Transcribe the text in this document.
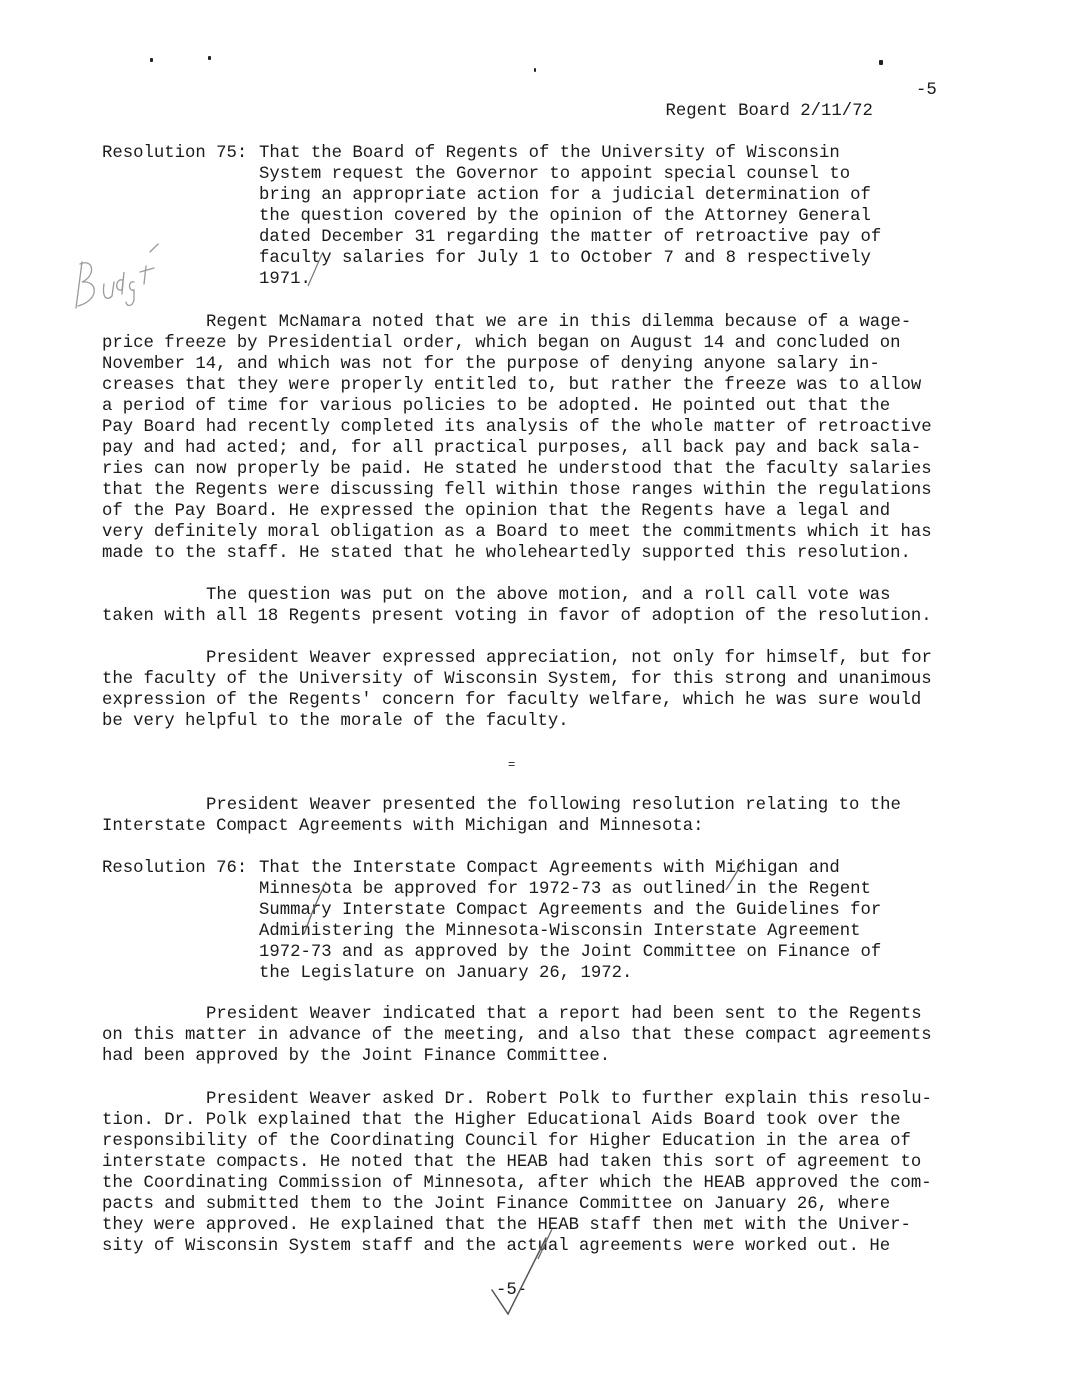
Regent Board 2/11/72

-5

Resolution 75: That the Board of Regents of the University of Wisconsin
System request the Governor to appoint special counsel to
bring an appropriate action for a judicial determination of
the question covered by the opinion of the Attorney General
dated December 31 regarding the matter of retroactive pay of
faculty salaries for July 1 to October 7 and 8 respectively
1971.
Regent McNamara noted that we are in this dilemma because of a wage-
price freeze by Presidential order, which began on August 14 and concluded on
November 14, and which was not for the purpose of denying anyone salary in-
creases that they were properly entitled to, but rather the freeze was to allow
a period of time for various policies to be adopted. He pointed out that the
Pay Board had recently completed its analysis of the whole matter of retroactive
pay and had acted; and, for all practical purposes, all back pay and back sala-
ries can now properly be paid. He stated he understood that the faculty salaries
that the Regents were discussing fell within those ranges within the regulations
of the Pay Board. He expressed the opinion that the Regents have a legal and
very definitely moral obligation as a Board to meet the commitments which it has
made to the staff. He stated that he wholeheartedly supported this resolution.
The question was put on the above motion, and a roll call vote was
taken with all 18 Regents present voting in favor of adoption of the resolution.
President Weaver expressed appreciation, not only for himself, but for
the faculty of the University of Wisconsin System, for this strong and unanimous
expression of the Regents' concern for faculty welfare, which he was sure would
be very helpful to the morale of the faculty.
=
President Weaver presented the following resolution relating to the
Interstate Compact Agreements with Michigan and Minnesota:
Resolution 76: That the Interstate Compact Agreements with Michigan and
Minnesota be approved for 1972-73 as outlined in the Regent
Summary Interstate Compact Agreements and the Guidelines for
Administering the Minnesota-Wisconsin Interstate Agreement
1972-73 and as approved by the Joint Committee on Finance of
the Legislature on January 26, 1972.
President Weaver indicated that a report had been sent to the Regents
on this matter in advance of the meeting, and also that these compact agreements
had been approved by the Joint Finance Committee.
President Weaver asked Dr. Robert Polk to further explain this resolu-
tion. Dr. Polk explained that the Higher Educational Aids Board took over the
responsibility of the Coordinating Council for Higher Education in the area of
interstate compacts. He noted that the HEAB had taken this sort of agreement to
the Coordinating Commission of Minnesota, after which the HEAB approved the com-
pacts and submitted them to the Joint Finance Committee on January 26, where
they were approved. He explained that the HEAB staff then met with the Univer-
sity of Wisconsin System staff and the actual agreements were worked out. He
-5-
